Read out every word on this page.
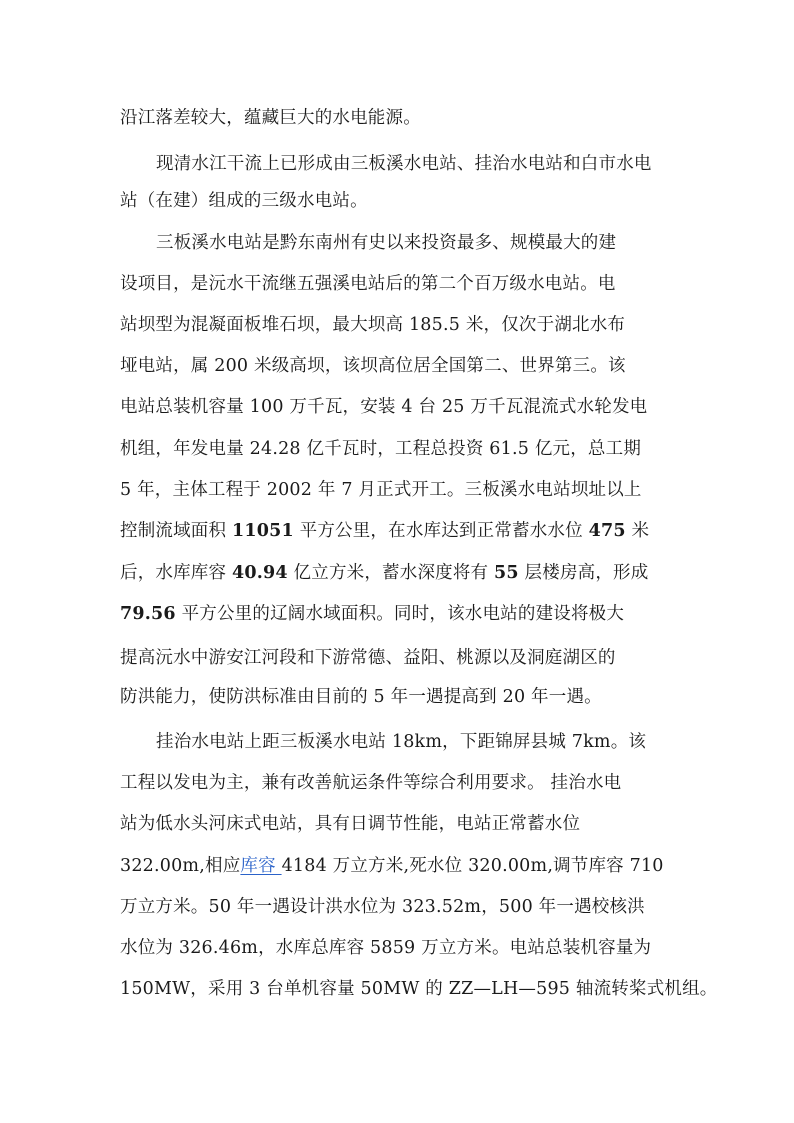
沿江落差较大，蕴藏巨大的水电能源。
现清水江干流上已形成由三板溪水电站、挂治水电站和白市水电
站（在建）组成的三级水电站。
三板溪水电站是黔东南州有史以来投资最多、规模最大的建
设项目，是沅水干流继五强溪电站后的第二个百万级水电站。电
站坝型为混凝面板堆石坝，最大坝高 185.5 米，仅次于湖北水布
垭电站，属 200 米级高坝，该坝高位居全国第二、世界第三。该
电站总装机容量 100 万千瓦，安装 4 台 25 万千瓦混流式水轮发电
机组，年发电量 24.28 亿千瓦时，工程总投资 61.5 亿元，总工期
5 年，主体工程于 2002 年 7 月正式开工。三板溪水电站坝址以上
控制流域面积 11051 平方公里，在水库达到正常蓄水水位 475 米
后，水库库容 40.94 亿立方米，蓄水深度将有 55 层楼房高，形成
79.56 平方公里的辽阔水域面积。同时，该水电站的建设将极大
提高沅水中游安江河段和下游常德、益阳、桃源以及洞庭湖区的
防洪能力，使防洪标准由目前的 5 年一遇提高到 20 年一遇。
挂治水电站上距三板溪水电站 18km，下距锦屏县城 7km。该
工程以发电为主，兼有改善航运条件等综合利用要求。 挂治水电
站为低水头河床式电站，具有日调节性能，电站正常蓄水位
322.00m,相应库容 4184 万立方米,死水位 320.00m,调节库容 710
万立方米。50 年一遇设计洪水位为 323.52m，500 年一遇校核洪
水位为 326.46m，水库总库容 5859 万立方米。电站总装机容量为
150MW，采用 3 台单机容量 50MW 的 ZZ—LH—595 轴流转桨式机组。
